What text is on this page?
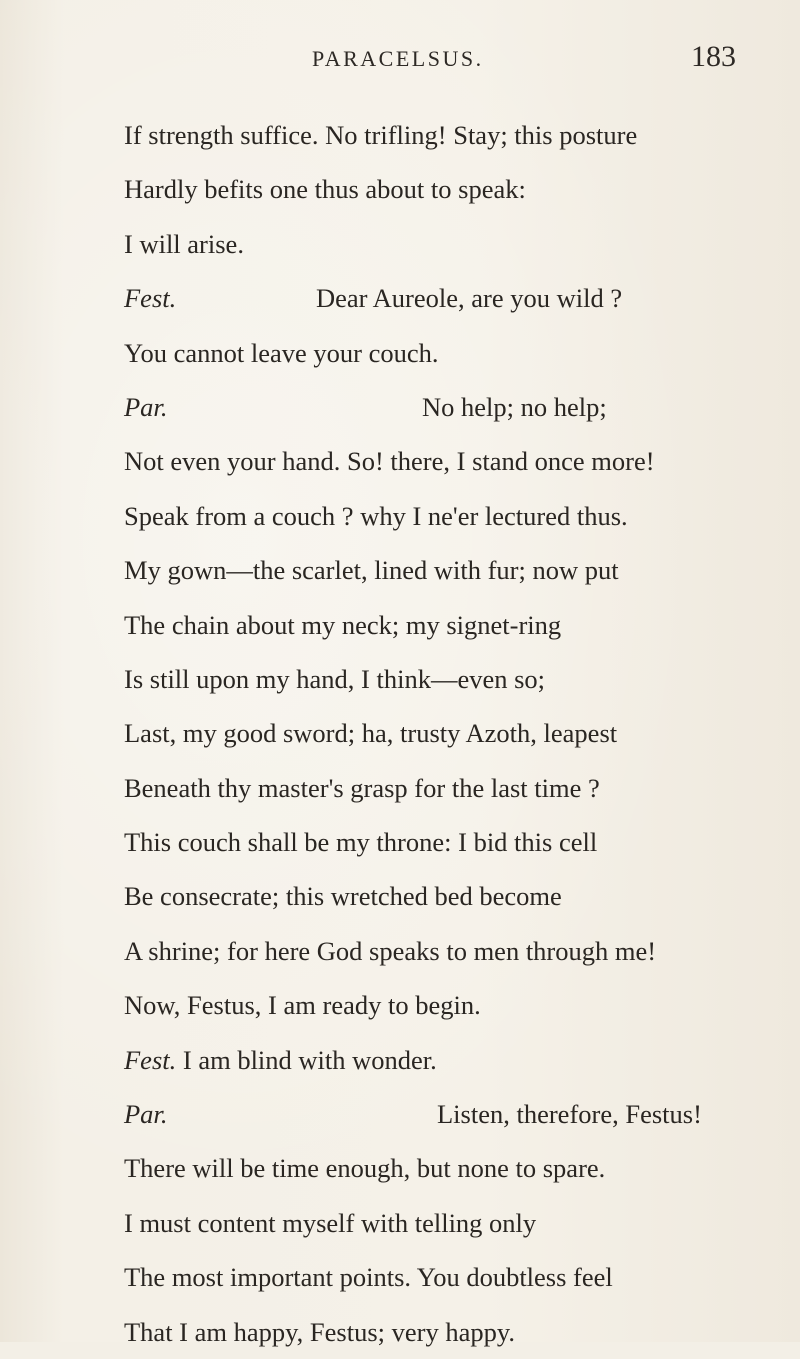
PARACELSUS.	183
If strength suffice. No trifling! Stay; this posture
Hardly befits one thus about to speak:
I will arise.
Fest.	Dear Aureole, are you wild ?
You cannot leave your couch.
Par.	No help; no help;
Not even your hand. So! there, I stand once more!
Speak from a couch ? why I ne'er lectured thus.
My gown—the scarlet, lined with fur; now put
The chain about my neck; my signet-ring
Is still upon my hand, I think—even so;
Last, my good sword; ha, trusty Azoth, leapest
Beneath thy master's grasp for the last time ?
This couch shall be my throne: I bid this cell
Be consecrate; this wretched bed become
A shrine; for here God speaks to men through me!
Now, Festus, I am ready to begin.
Fest. I am blind with wonder.
Par.	Listen, therefore, Festus!
There will be time enough, but none to spare.
I must content myself with telling only
The most important points. You doubtless feel
That I am happy, Festus; very happy.
